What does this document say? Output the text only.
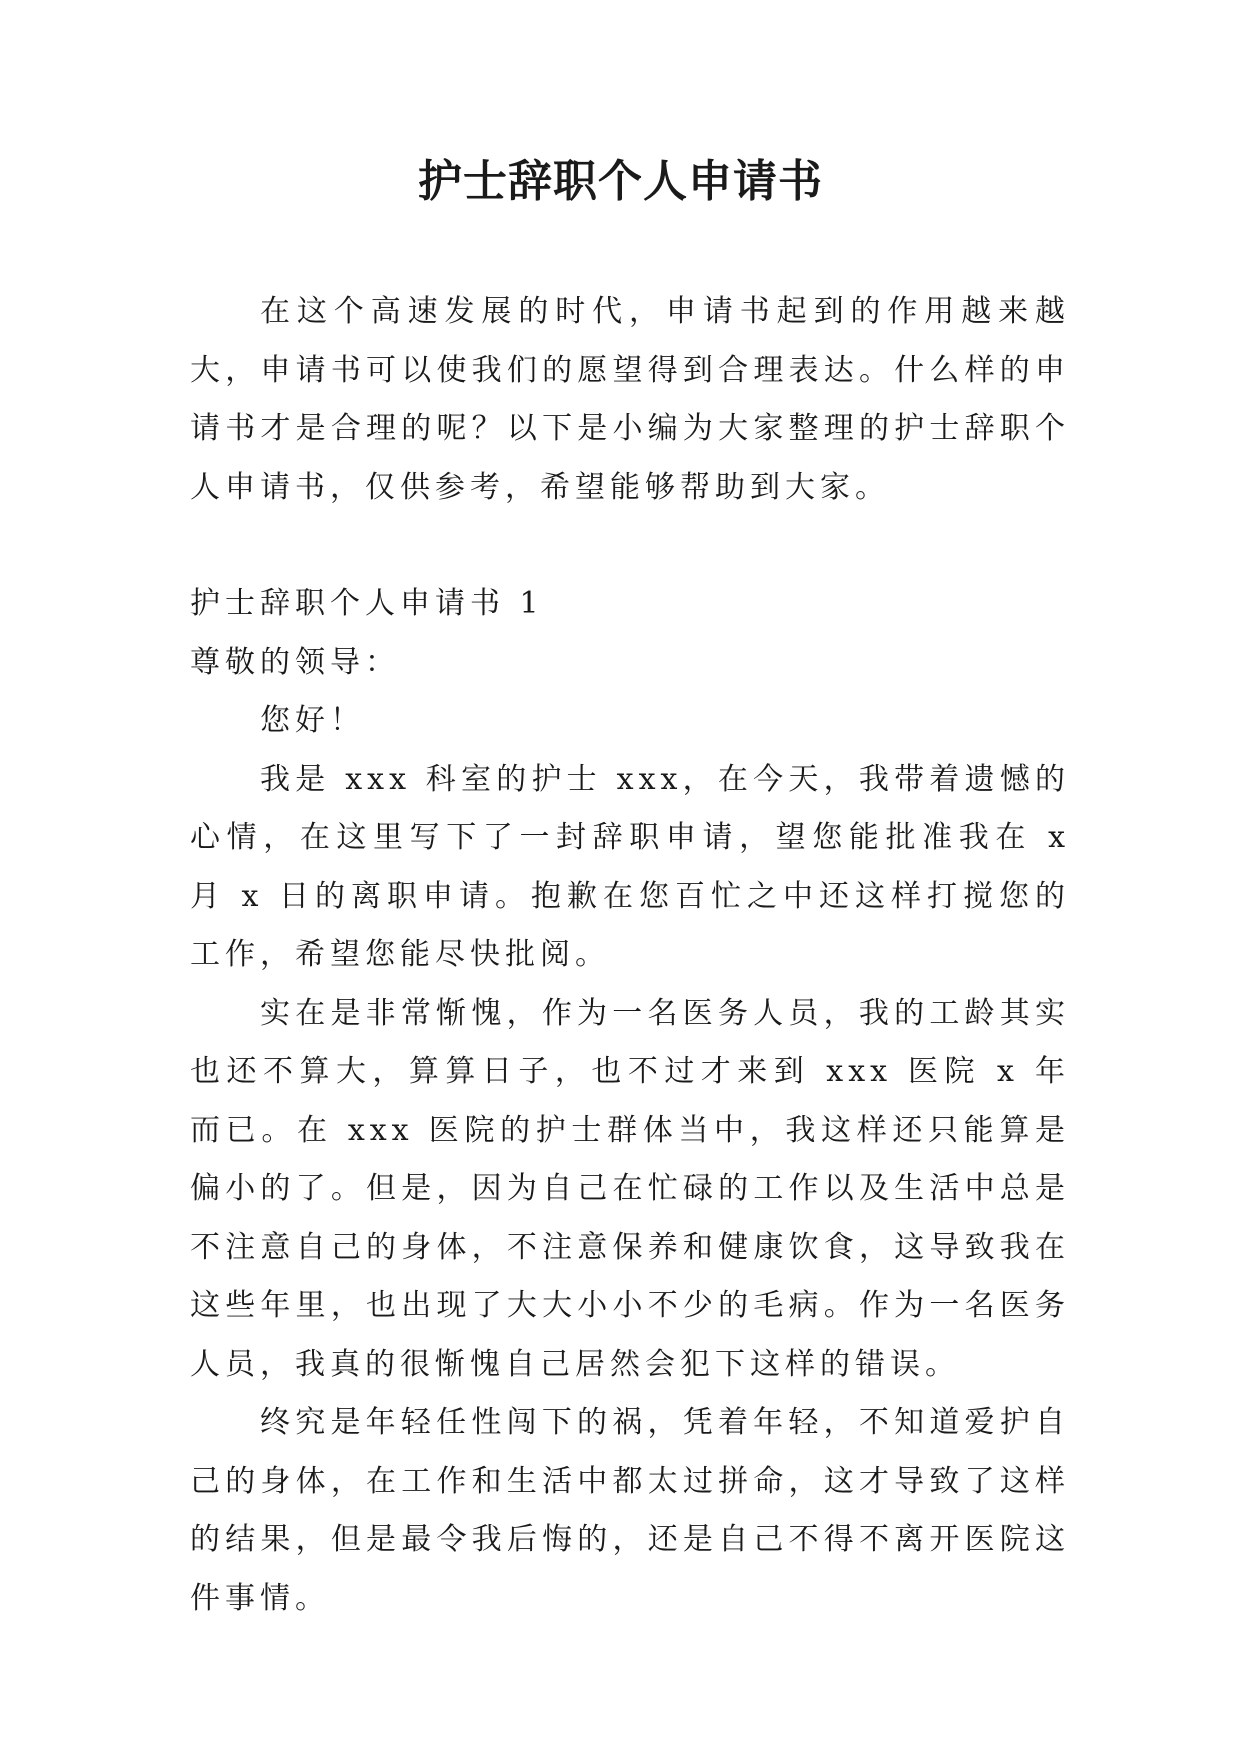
护士辞职个人申请书

在这个高速发展的时代，申请书起到的作用越来越大，申请书可以使我们的愿望得到合理表达。什么样的申请书才是合理的呢？以下是小编为大家整理的护士辞职个人申请书，仅供参考，希望能够帮助到大家。

护士辞职个人申请书 1

尊敬的领导：

您好！

我是 xxx 科室的护士 xxx，在今天，我带着遗憾的心情，在这里写下了一封辞职申请，望您能批准我在 x 月 x 日的离职申请。抱歉在您百忙之中还这样打搅您的工作，希望您能尽快批阅。

实在是非常惭愧，作为一名医务人员，我的工龄其实也还不算大，算算日子，也不过才来到 xxx 医院 x 年而已。在 xxx 医院的护士群体当中，我这样还只能算是偏小的了。但是，因为自己在忙碌的工作以及生活中总是不注意自己的身体，不注意保养和健康饮食，这导致我在这些年里，也出现了大大小小不少的毛病。作为一名医务人员，我真的很惭愧自己居然会犯下这样的错误。

终究是年轻任性闯下的祸，凭着年轻，不知道爱护自己的身体，在工作和生活中都太过拼命，这才导致了这样的结果，但是最令我后悔的，还是自己不得不离开医院这件事情。
